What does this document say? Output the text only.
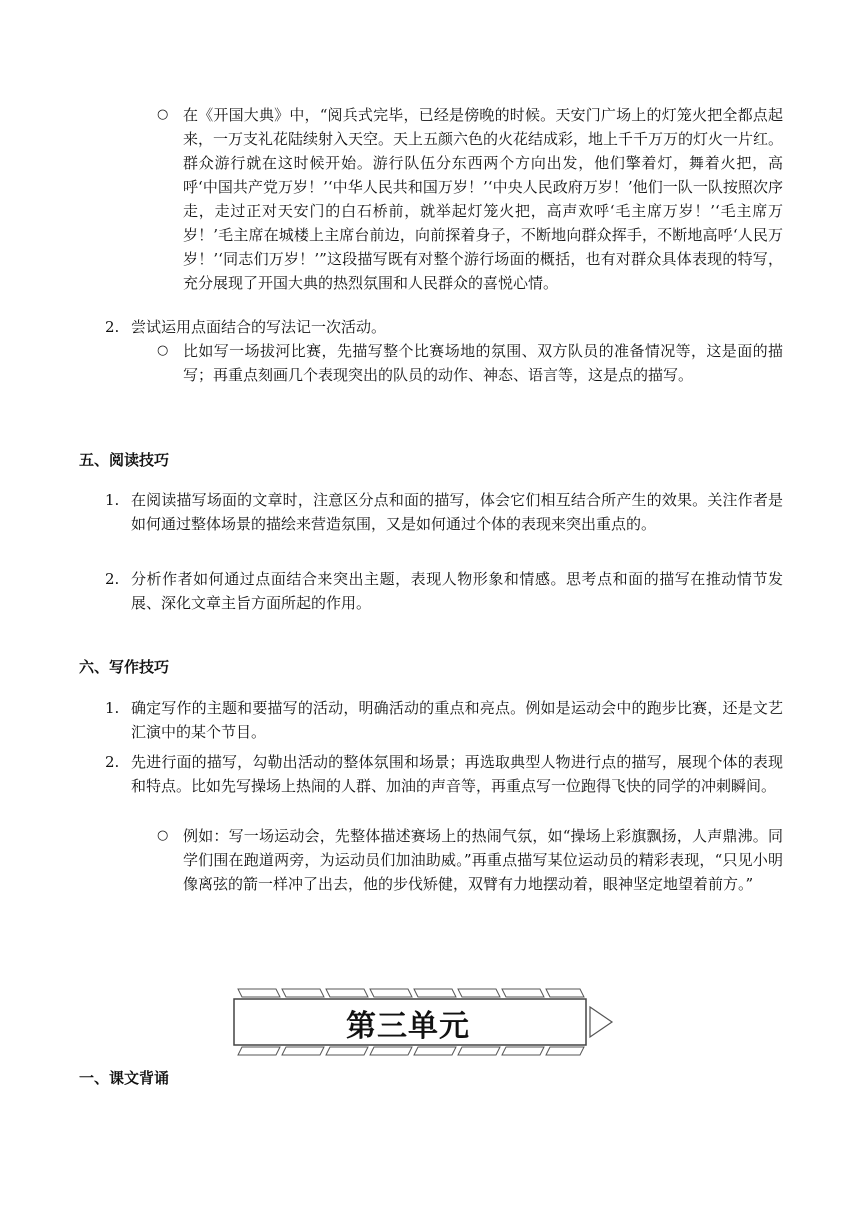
○ 在《开国大典》中，“阅兵式完毕，已经是傍晚的时候。天安门广场上的灯笼火把全都点起来，一万支礼花陆续射入天空。天上五颜六色的火花结成彩，地上千千万万的灯火一片红。群众游行就在这时候开始。游行队伍分东西两个方向出发，他们擎着灯，舞着火把，高呼‘中国共产党万岁！’‘中华人民共和国万岁！’‘中央人民政府万岁！’他们一队一队按照次序走，走过正对天安门的白石桥前，就举起灯笼火把，高声欢呼‘毛主席万岁！’‘毛主席万岁！’毛主席在城楼上主席台前边，向前探着身子，不断地向群众挥手，不断地高呼‘人民万岁！’‘同志们万岁！’”这段描写既有对整个游行场面的概括，也有对群众具体表现的特写，充分展现了开国大典的热烈氛围和人民群众的喜悦心情。
2. 尝试运用点面结合的写法记一次活动。
○ 比如写一场拔河比赛，先描写整个比赛场地的氛围、双方队员的准备情况等，这是面的描写；再重点刻画几个表现突出的队员的动作、神态、语言等，这是点的描写。
五、阅读技巧
1. 在阅读描写场面的文章时，注意区分点和面的描写，体会它们相互结合所产生的效果。关注作者是如何通过整体场景的描绘来营造氛围，又是如何通过个体的表现来突出重点的。
2. 分析作者如何通过点面结合来突出主题，表现人物形象和情感。思考点和面的描写在推动情节发展、深化文章主旨方面所起的作用。
六、写作技巧
1. 确定写作的主题和要描写的活动，明确活动的重点和亮点。例如是运动会中的跑步比赛，还是文艺汇演中的某个节目。
2. 先进行面的描写，勾勒出活动的整体氛围和场景；再选取典型人物进行点的描写，展现个体的表现和特点。比如先写操场上热闹的人群、加油的声音等，再重点写一位跑得飞快的同学的冲刺瞬间。
○ 例如：写一场运动会，先整体描述赛场上的热闹气氛，如“操场上彩旗飘扬，人声鼎沸。同学们围在跑道两旁，为运动员们加油助威。”再重点描写某位运动员的精彩表现，“只见小明像离弦的箭一样冲了出去，他的步伐矫健，双臂有力地摆动着，眼神坚定地望着前方。”
第三单元
一、课文背诵
